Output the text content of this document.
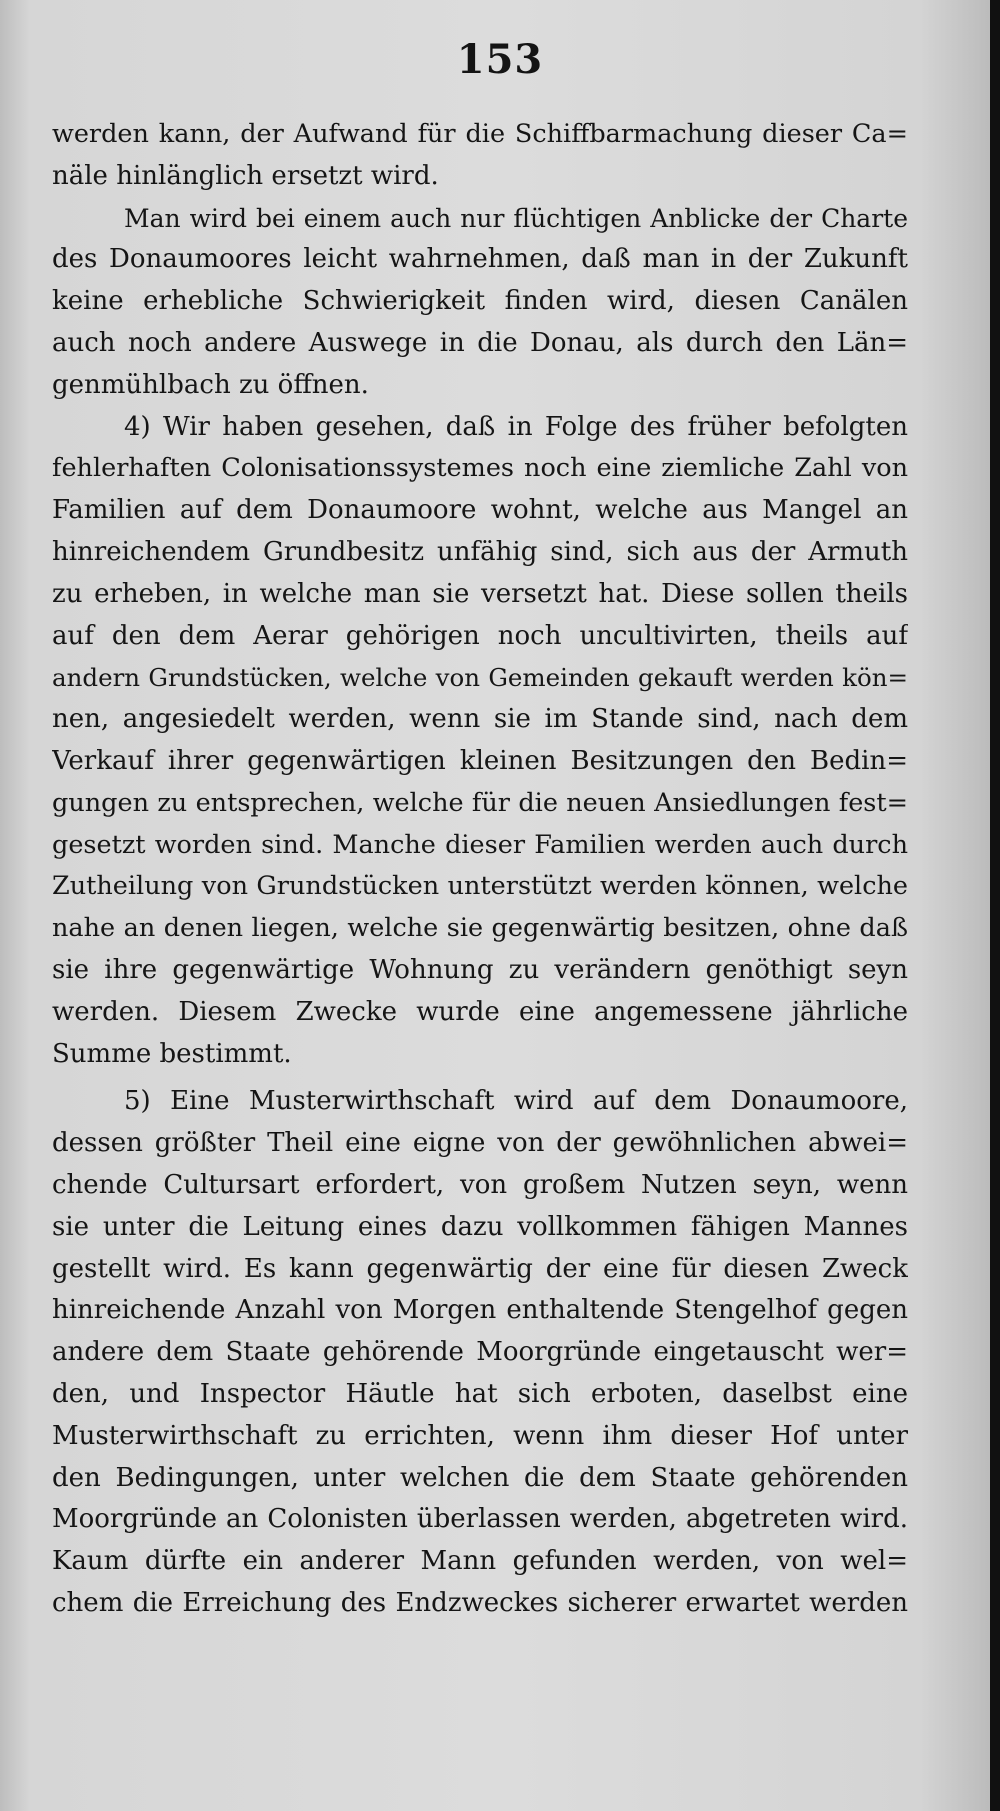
153
werden kann, der Aufwand für die Schiffbarmachung dieser Ca=
näle hinlänglich ersetzt wird.
Man wird bei einem auch nur flüchtigen Anblicke der Charte
des Donaumoores leicht wahrnehmen, daß man in der Zukunft
keine erhebliche Schwierigkeit finden wird, diesen Canälen
auch noch andere Auswege in die Donau, als durch den Län=
genmühlbach zu öffnen.
4) Wir haben gesehen, daß in Folge des früher befolgten
fehlerhaften Colonisationssystemes noch eine ziemliche Zahl von
Familien auf dem Donaumoore wohnt, welche aus Mangel an
hinreichendem Grundbesitz unfähig sind, sich aus der Armuth
zu erheben, in welche man sie versetzt hat. Diese sollen theils
auf den dem Aerar gehörigen noch uncultivirten, theils auf
andern Grundstücken, welche von Gemeinden gekauft werden kön=
nen, angesiedelt werden, wenn sie im Stande sind, nach dem
Verkauf ihrer gegenwärtigen kleinen Besitzungen den Bedin=
gungen zu entsprechen, welche für die neuen Ansiedlungen fest=
gesetzt worden sind. Manche dieser Familien werden auch durch
Zutheilung von Grundstücken unterstützt werden können, welche
nahe an denen liegen, welche sie gegenwärtig besitzen, ohne daß
sie ihre gegenwärtige Wohnung zu verändern genöthigt seyn
werden. Diesem Zwecke wurde eine angemessene jährliche
Summe bestimmt.
5) Eine Musterwirthschaft wird auf dem Donaumoore,
dessen größter Theil eine eigne von der gewöhnlichen abwei=
chende Cultursart erfordert, von großem Nutzen seyn, wenn
sie unter die Leitung eines dazu vollkommen fähigen Mannes
gestellt wird. Es kann gegenwärtig der eine für diesen Zweck
hinreichende Anzahl von Morgen enthaltende Stengelhof gegen
andere dem Staate gehörende Moorgründe eingetauscht wer=
den, und Inspector Häutle hat sich erboten, daselbst eine
Musterwirthschaft zu errichten, wenn ihm dieser Hof unter
den Bedingungen, unter welchen die dem Staate gehörenden
Moorgründe an Colonisten überlassen werden, abgetreten wird.
Kaum dürfte ein anderer Mann gefunden werden, von wel=
chem die Erreichung des Endzweckes sicherer erwartet werden
